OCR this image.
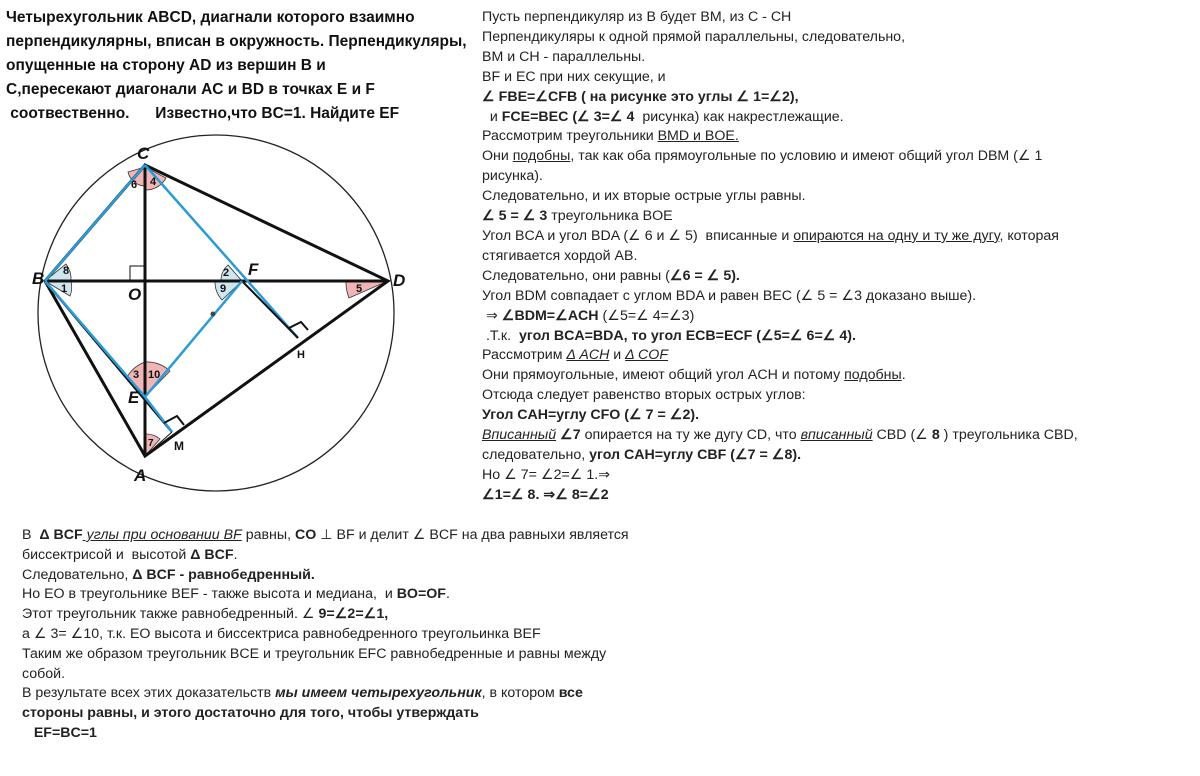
Четырехугольник ABCD, диагнали которого взаимно
перпендикулярны, вписан в окружность. Перпендикуляры,
опущенные на сторону AD из вершин B и
C,пересекают диагонали AC и BD в точках E и F
соотвественно.      Известно,что BC=1. Найдите EF
C
B	D
A
O
E
F
H
M
1
2
3
4
5
6
7
8
9
10
Пусть перпендикуляр из B будет BM, из C - CH
Перпендикуляры к одной прямой параллельны, следовательно,
BM и CH - параллельны.
BF и EC при них секущие, и
∠ FBE=∠CFB ( на рисунке это углы ∠ 1=∠2),
и FCE=BEC (∠ 3=∠ 4  рисунка) как накрестлежащие.
Рассмотрим треугольники BMD и BOE.
Они подобны, так как оба прямоугольные по условию и имеют общий угол DBM (∠ 1
рисунка).
Следовательно, и их вторые острые углы равны.
∠ 5 = ∠ 3 треугольника BOE
Угол BCA и угол BDA (∠ 6 и ∠ 5)  вписанные и опираются на одну и ту же дугу, которая
стягивается хордой AB.
Следовательно, они равны (∠6 = ∠ 5).
Угол BDM совпадает с углом BDA и равен BEC (∠ 5 = ∠3 доказано выше).
⇒ ∠BDM=∠ACH (∠5=∠ 4=∠3)
.Т.к.  угол BCA=BDA, то угол ECB=ECF (∠5=∠ 6=∠ 4).
Рассмотрим Δ ACH и Δ COF
Они прямоугольные, имеют общий угол ACH и потому подобны.
Отсюда следует равенство вторых острых углов:
Угол CAH=углу CFO (∠ 7 = ∠2).
Вписанный ∠7 опирается на ту же дугу CD, что вписанный CBD (∠ 8 ) треугольника CBD,
следовательно, угол CAH=углу CBF (∠7 = ∠8).
Но ∠ 7= ∠2=∠ 1.⇒
∠1=∠ 8. ⇒∠ 8=∠2
В  Δ BCF углы при основании BF равны, CO ⊥ BF и делит ∠ BCF на два равныхи является
биссектрисой и  высотой Δ BCF.
Следовательно, Δ BCF - равнобедренный.
Но EO в треугольнике BEF - также высота и медиана,  и BO=OF.
Этот треугольник также равнобедренный. ∠ 9=∠2=∠1,
а ∠ 3= ∠10, т.к. EO высота и биссектриса равнобедренного треугольинка BEF
Таким же образом треугольник BCE и треугольник EFC равнобедренные и равны между
собой.
В результате всех этих доказательств мы имеем четырехугольник, в котором все
стороны равны, и этого достаточно для того, чтобы утверждать
EF=BC=1
